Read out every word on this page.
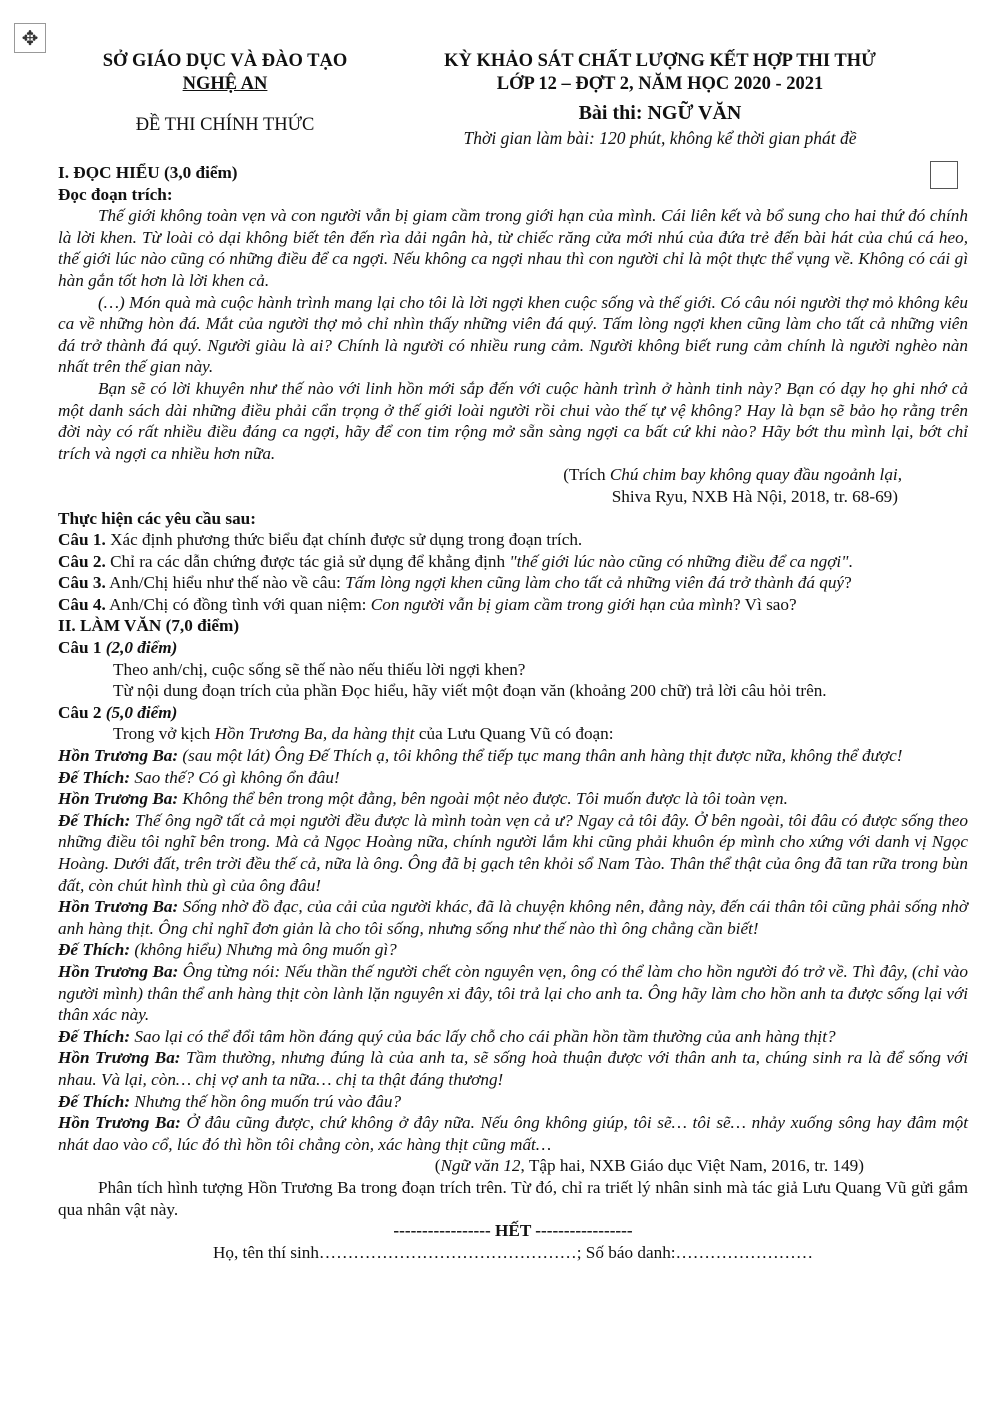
✥
SỞ GIÁO DỤC VÀ ĐÀO TẠO
NGHỆ AN
ĐỀ THI CHÍNH THỨC
KỲ KHẢO SÁT CHẤT LƯỢNG KẾT HỢP THI THỬ
LỚP 12 – ĐỢT 2, NĂM HỌC 2020 - 2021
Bài thi: NGỮ VĂN
Thời gian làm bài: 120 phút, không kể thời gian phát đề

I. ĐỌC HIỂU (3,0 điểm)

Đọc đoạn trích:

Thế giới không toàn vẹn và con người vẫn bị giam cầm trong giới hạn của mình. Cái liên kết và bổ sung cho hai thứ đó chính là lời khen. Từ loài cỏ dại không biết tên đến rìa dải ngân hà, từ chiếc răng cửa mới nhú của đứa trẻ đến bài hát của chú cá heo, thế giới lúc nào cũng có những điều để ca ngợi. Nếu không ca ngợi nhau thì con người chỉ là một thực thể vụng về. Không có cái gì hàn gắn tốt hơn là lời khen cả.

(…) Món quà mà cuộc hành trình mang lại cho tôi là lời ngợi khen cuộc sống và thế giới. Có câu nói người thợ mỏ không kêu ca về những hòn đá. Mắt của người thợ mỏ chỉ nhìn thấy những viên đá quý. Tấm lòng ngợi khen cũng làm cho tất cả những viên đá trở thành đá quý. Người giàu là ai? Chính là người có nhiều rung cảm. Người không biết rung cảm chính là người nghèo nàn nhất trên thế gian này.

Bạn sẽ có lời khuyên như thế nào với linh hồn mới sắp đến với cuộc hành trình ở hành tinh này? Bạn có dạy họ ghi nhớ cả một danh sách dài những điều phải cẩn trọng ở thế giới loài người rồi chui vào thế tự vệ không? Hay là bạn sẽ bảo họ rằng trên đời này có rất nhiều điều đáng ca ngợi, hãy để con tim rộng mở sẵn sàng ngợi ca bất cứ khi nào? Hãy bớt thu mình lại, bớt chỉ trích và ngợi ca nhiều hơn nữa.

(Trích Chú chim bay không quay đầu ngoảnh lại,

Shiva Ryu, NXB Hà Nội, 2018, tr. 68-69)

Thực hiện các yêu cầu sau:

Câu 1. Xác định phương thức biểu đạt chính được sử dụng trong đoạn trích.

Câu 2. Chỉ ra các dẫn chứng được tác giả sử dụng để khẳng định "thế giới lúc nào cũng có những điều để ca ngợi".

Câu 3. Anh/Chị hiểu như thế nào về câu: Tấm lòng ngợi khen cũng làm cho tất cả những viên đá trở thành đá quý?

Câu 4. Anh/Chị có đồng tình với quan niệm: Con người vẫn bị giam cầm trong giới hạn của mình? Vì sao?

II. LÀM VĂN (7,0 điểm)

Câu 1 (2,0 điểm)

Theo anh/chị, cuộc sống sẽ thế nào nếu thiếu lời ngợi khen?

Từ nội dung đoạn trích của phần Đọc hiểu, hãy viết một đoạn văn (khoảng 200 chữ) trả lời câu hỏi trên.

Câu 2 (5,0 điểm)

Trong vở kịch Hồn Trương Ba, da hàng thịt của Lưu Quang Vũ có đoạn:

Hồn Trương Ba: (sau một lát) Ông Đế Thích ạ, tôi không thể tiếp tục mang thân anh hàng thịt được nữa, không thể được!

Đế Thích: Sao thế? Có gì không ổn đâu!

Hồn Trương Ba: Không thể bên trong một đằng, bên ngoài một nẻo được. Tôi muốn được là tôi toàn vẹn.

Đế Thích: Thế ông ngỡ tất cả mọi người đều được là mình toàn vẹn cả ư? Ngay cả tôi đây. Ở bên ngoài, tôi đâu có được sống theo những điều tôi nghĩ bên trong. Mà cả Ngọc Hoàng nữa, chính người lắm khi cũng phải khuôn ép mình cho xứng với danh vị Ngọc Hoàng. Dưới đất, trên trời đều thế cả, nữa là ông. Ông đã bị gạch tên khỏi sổ Nam Tào. Thân thể thật của ông đã tan rữa trong bùn đất, còn chút hình thù gì của ông đâu!

Hồn Trương Ba: Sống nhờ đồ đạc, của cải của người khác, đã là chuyện không nên, đằng này, đến cái thân tôi cũng phải sống nhờ anh hàng thịt. Ông chỉ nghĩ đơn giản là cho tôi sống, nhưng sống như thế nào thì ông chẳng cần biết!

Đế Thích: (không hiểu) Nhưng mà ông muốn gì?

Hồn Trương Ba: Ông từng nói: Nếu thần thế người chết còn nguyên vẹn, ông có thể làm cho hồn người đó trở về. Thì đây, (chỉ vào người mình) thân thể anh hàng thịt còn lành lặn nguyên xi đây, tôi trả lại cho anh ta. Ông hãy làm cho hồn anh ta được sống lại với thân xác này.

Đế Thích: Sao lại có thể đổi tâm hồn đáng quý của bác lấy chỗ cho cái phần hồn tầm thường của anh hàng thịt?

Hồn Trương Ba: Tầm thường, nhưng đúng là của anh ta, sẽ sống hoà thuận được với thân anh ta, chúng sinh ra là để sống với nhau. Và lại, còn… chị vợ anh ta nữa… chị ta thật đáng thương!

Đế Thích: Nhưng thế hồn ông muốn trú vào đâu?

Hồn Trương Ba: Ở đâu cũng được, chứ không ở đây nữa. Nếu ông không giúp, tôi sẽ… tôi sẽ… nhảy xuống sông hay đâm một nhát dao vào cổ, lúc đó thì hồn tôi chẳng còn, xác hàng thịt cũng mất…

(Ngữ văn 12, Tập hai, NXB Giáo dục Việt Nam, 2016, tr. 149)

Phân tích hình tượng Hồn Trương Ba trong đoạn trích trên. Từ đó, chỉ ra triết lý nhân sinh mà tác giả Lưu Quang Vũ gửi gắm qua nhân vật này.

----------------- HẾT -----------------

Họ, tên thí sinh………………………………………; Số báo danh:……………………
